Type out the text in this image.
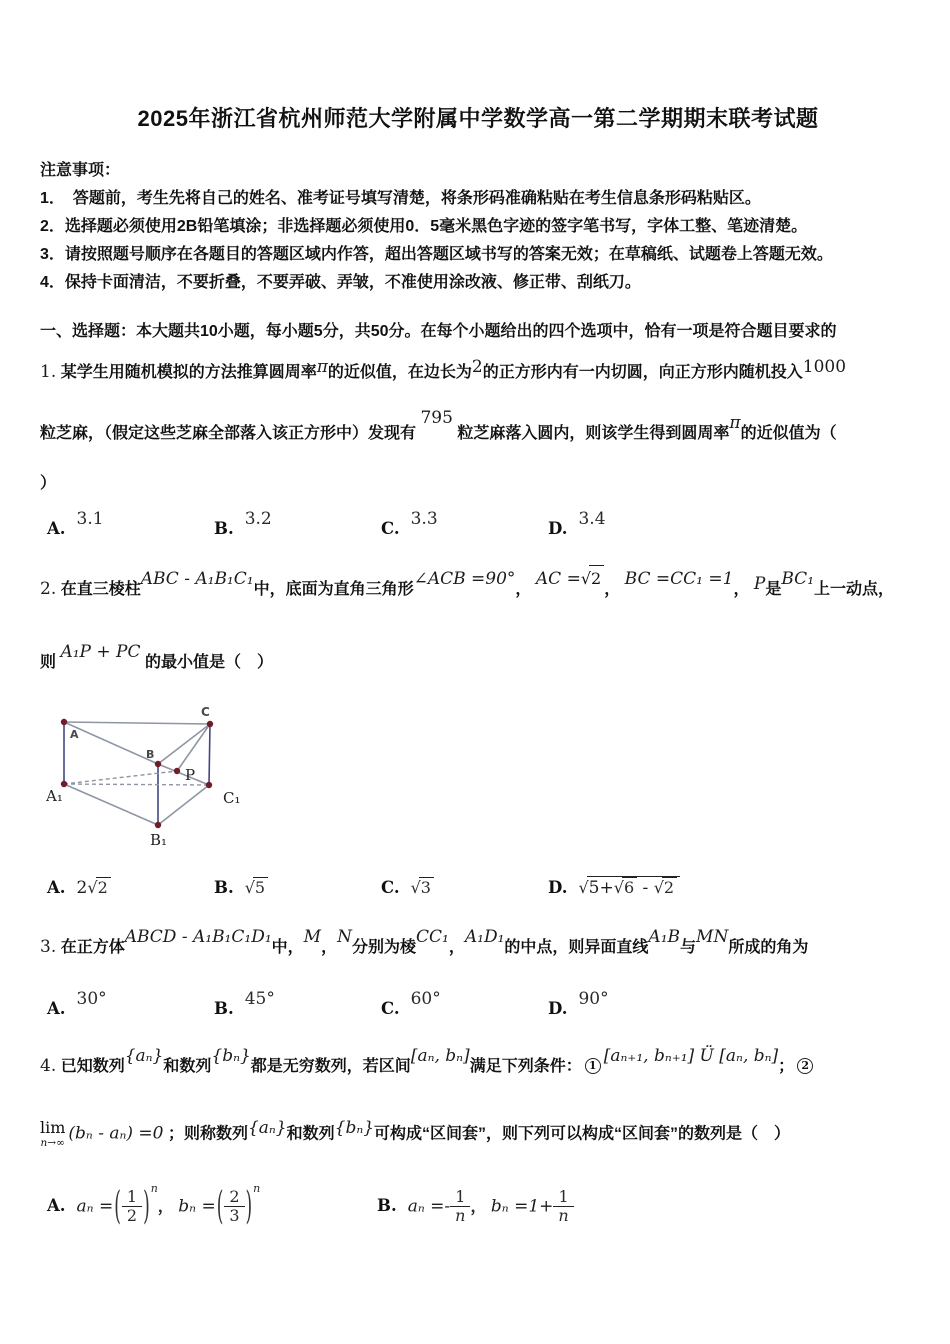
2025年浙江省杭州师范大学附属中学数学高一第二学期期末联考试题
注意事项：
1．　答题前，考生先将自己的姓名、准考证号填写清楚，将条形码准确粘贴在考生信息条形码粘贴区。
2．选择题必须使用2B铅笔填涂；非选择题必须使用0．5毫米黑色字迹的签字笔书写，字体工整、笔迹清楚。
3．请按照题号顺序在各题目的答题区域内作答，超出答题区域书写的答案无效；在草稿纸、试题卷上答题无效。
4．保持卡面清洁，不要折叠，不要弄破、弄皱，不准使用涂改液、修正带、刮纸刀。
一、选择题：本大题共10小题，每小题5分，共50分。在每个小题给出的四个选项中，恰有一项是符合题目要求的
1. 某学生用随机模拟的方法推算圆周率π的近似值，在边长为2的正方形内有一内切圆，向正方形内随机投入1000
粒芝麻，（假定这些芝麻全部落入该正方形中）发现有 795 粒芝麻落入圆内，则该学生得到圆周率π的近似值为（
）
A. 3.1	B. 3.2	C. 3.3	D. 3.4
2. 在直三棱柱ABC - A₁B₁C₁中，底面为直角三角形∠ACB =90°， AC =√2， BC =CC₁ =1， P是BC₁上一动点，
则 A₁P + PC 的最小值是（　）
A
B
C
P
A₁	C₁
B₁
A. 2√2	B. √5	C. √3	D. √5+√6 - √2
3. 在正方体ABCD - A₁B₁C₁D₁中，M，N分别为棱CC₁，A₁D₁的中点，则异面直线A₁B与MN所成的角为
A. 30°	B. 45°	C. 60°	D. 90°
4. 已知数列{aₙ}和数列{bₙ}都是无穷数列，若区间[aₙ, bₙ]满足下列条件： 1 [aₙ₊₁, bₙ₊₁] Ü [aₙ, bₙ]； 2
lim
n→∞ (bₙ - aₙ) =0 ；则称数列{aₙ}和数列{bₙ}可构成“区间套”，则下列可以构成“区间套”的数列是（　）
A. aₙ =( $\frac{1}{2} )^n$， bₙ =( $\frac{2}{3} )^n$
B. $a_n =- \frac{1}{n}$ ， $b_n =1+ \frac{1}{n}$
